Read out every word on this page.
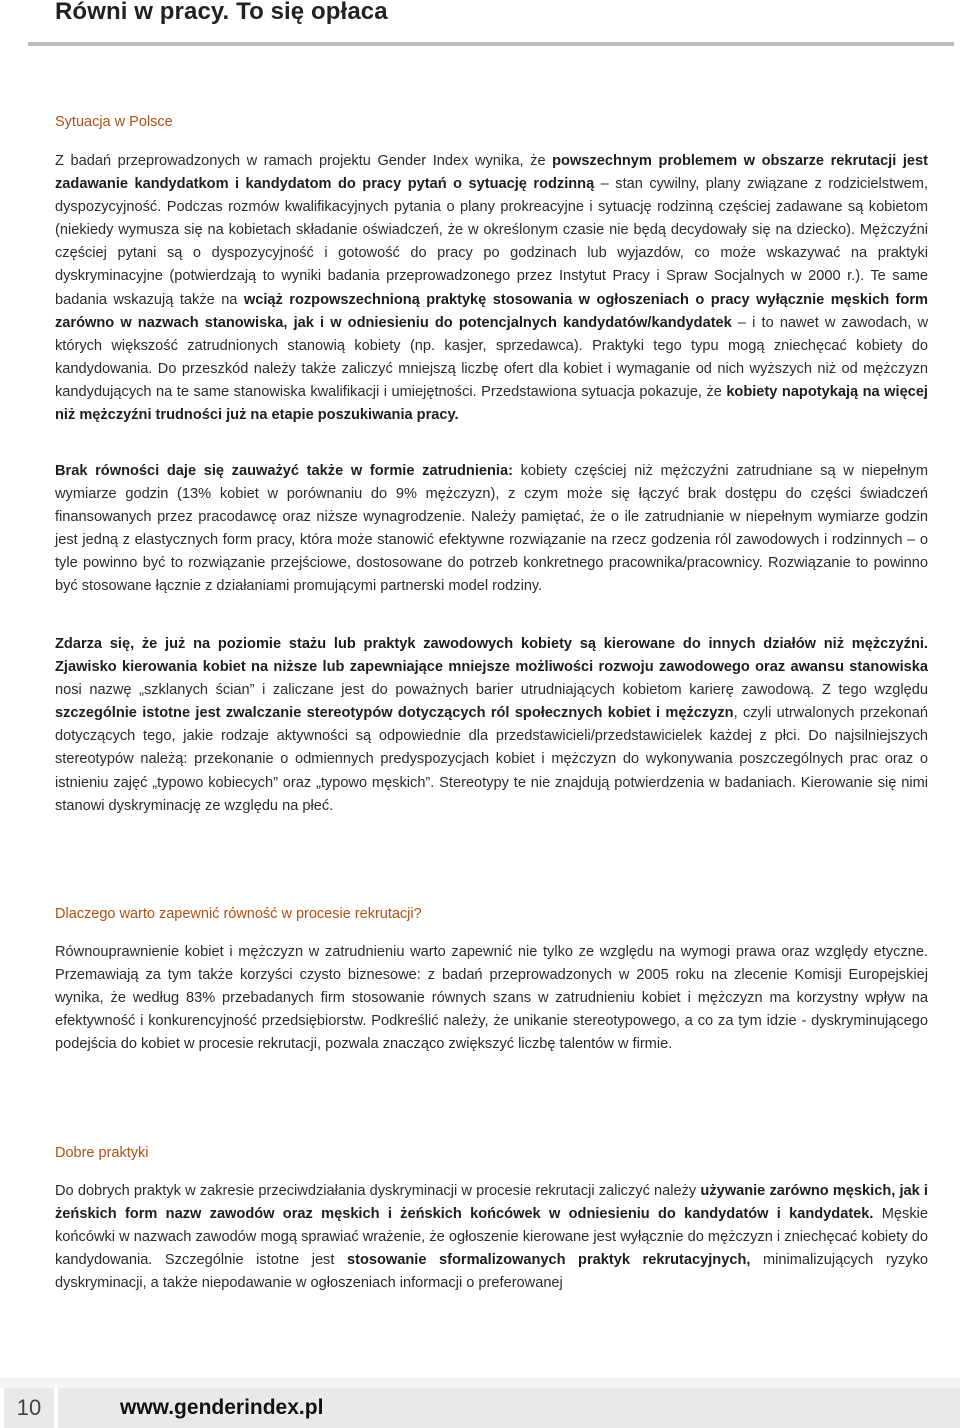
Równi w pracy. To się opłaca
Sytuacja w Polsce

Z badań przeprowadzonych w ramach projektu Gender Index wynika, że powszechnym problemem w obszarze rekrutacji jest zadawanie kandydatkom i kandydatom do pracy pytań o sytuację rodzinną – stan cywilny, plany związane z rodzicielstwem, dyspozycyjność. Podczas rozmów kwalifikacyjnych pytania o plany prokreacyjne i sytuację rodzinną częściej zadawane są kobietom (niekiedy wymusza się na kobietach składanie oświadczeń, że w określonym czasie nie będą decydowały się na dziecko). Mężczyźni częściej pytani są o dyspozycyjność i gotowość do pracy po godzinach lub wyjazdów, co może wskazywać na praktyki dyskryminacyjne (potwierdzają to wyniki badania przeprowadzonego przez Instytut Pracy i Spraw Socjalnych w 2000 r.). Te same badania wskazują także na wciąż rozpowszechnioną praktykę stosowania w ogłoszeniach o pracy wyłącznie męskich form zarówno w nazwach stanowiska, jak i w odniesieniu do potencjalnych kandydatów/kandydatek – i to nawet w zawodach, w których większość zatrudnionych stanowią kobiety (np. kasjer, sprzedawca). Praktyki tego typu mogą zniechęcać kobiety do kandydowania. Do przeszkód należy także zaliczyć mniejszą liczbę ofert dla kobiet i wymaganie od nich wyższych niż od mężczyzn kandydujących na te same stanowiska kwalifikacji i umiejętności. Przedstawiona sytuacja pokazuje, że kobiety napotykają na więcej niż mężczyźni trudności już na etapie poszukiwania pracy.

Brak równości daje się zauważyć także w formie zatrudnienia: kobiety częściej niż mężczyźni zatrudniane są w niepełnym wymiarze godzin (13% kobiet w porównaniu do 9% mężczyzn), z czym może się łączyć brak dostępu do części świadczeń finansowanych przez pracodawcę oraz niższe wynagrodzenie. Należy pamiętać, że o ile zatrudnianie w niepełnym wymiarze godzin jest jedną z elastycznych form pracy, która może stanowić efektywne rozwiązanie na rzecz godzenia ról zawodowych i rodzinnych – o tyle powinno być to rozwiązanie przejściowe, dostosowane do potrzeb konkretnego pracownika/pracownicy. Rozwiązanie to powinno być stosowane łącznie z działaniami promującymi partnerski model rodziny.

Zdarza się, że już na poziomie stażu lub praktyk zawodowych kobiety są kierowane do innych działów niż mężczyźni. Zjawisko kierowania kobiet na niższe lub zapewniające mniejsze możliwości rozwoju zawodowego oraz awansu stanowiska nosi nazwę „szklanych ścian” i zaliczane jest do poważnych barier utrudniających kobietom karierę zawodową. Z tego względu szczególnie istotne jest zwalczanie stereotypów dotyczących ról społecznych kobiet i mężczyzn, czyli utrwalonych przekonań dotyczących tego, jakie rodzaje aktywności są odpowiednie dla przedstawicieli/przedstawicielek każdej z płci. Do najsilniejszych stereotypów należą: przekonanie o odmiennych predyspozycjach kobiet i mężczyzn do wykonywania poszczególnych prac oraz o istnieniu zajęć „typowo kobiecych” oraz „typowo męskich”. Stereotypy te nie znajdują potwierdzenia w badaniach. Kierowanie się nimi stanowi dyskryminację ze względu na płeć.

Dlaczego warto zapewnić równość w procesie rekrutacji?

Równouprawnienie kobiet i mężczyzn w zatrudnieniu warto zapewnić nie tylko ze względu na wymogi prawa oraz względy etyczne. Przemawiają za tym także korzyści czysto biznesowe: z badań przeprowadzonych w 2005 roku na zlecenie Komisji Europejskiej wynika, że według 83% przebadanych firm stosowanie równych szans w zatrudnieniu kobiet i mężczyzn ma korzystny wpływ na efektywność i konkurencyjność przedsiębiorstw. Podkreślić należy, że unikanie stereotypowego, a co za tym idzie - dyskryminującego podejścia do kobiet w procesie rekrutacji, pozwala znacząco zwiększyć liczbę talentów w firmie.

Dobre praktyki

Do dobrych praktyk w zakresie przeciwdziałania dyskryminacji w procesie rekrutacji zaliczyć należy używanie zarówno męskich, jak i żeńskich form nazw zawodów oraz męskich i żeńskich końcówek w odniesieniu do kandydatów i kandydatek. Męskie końcówki w nazwach zawodów mogą sprawiać wrażenie, że ogłoszenie kierowane jest wyłącznie do mężczyzn i zniechęcać kobiety do kandydowania. Szczególnie istotne jest stosowanie sformalizowanych praktyk rekrutacyjnych, minimalizujących ryzyko dyskryminacji, a także niepodawanie w ogłoszeniach informacji o preferowanej

10	www.genderindex.pl
